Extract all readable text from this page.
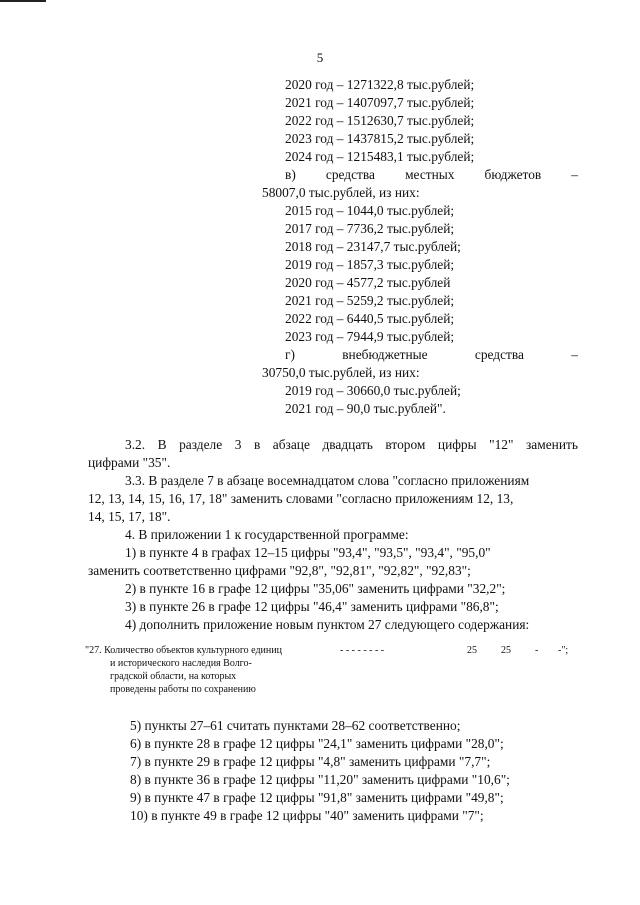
5
2020 год – 1271322,8 тыс.рублей;
2021 год – 1407097,7 тыс.рублей;
2022 год – 1512630,7 тыс.рублей;
2023 год – 1437815,2 тыс.рублей;
2024 год – 1215483,1 тыс.рублей;
в) средства местных бюджетов –
58007,0 тыс.рублей, из них:
2015 год – 1044,0 тыс.рублей;
2017 год – 7736,2 тыс.рублей;
2018 год – 23147,7 тыс.рублей;
2019 год – 1857,3 тыс.рублей;
2020 год – 4577,2 тыс.рублей
2021 год – 5259,2 тыс.рублей;
2022 год – 6440,5 тыс.рублей;
2023 год – 7944,9 тыс.рублей;
г)	внебюджетные	средства	–
30750,0 тыс.рублей, из них:
2019 год – 30660,0 тыс.рублей;
2021 год – 90,0 тыс.рублей".
3.2. В разделе 3 в абзаце двадцать втором цифры "12" заменить
цифрами "35".
3.3. В разделе 7 в абзаце восемнадцатом слова "согласно приложениям
12, 13, 14, 15, 16, 17, 18" заменить словами "согласно приложениям 12, 13,
14, 15, 17, 18".
4. В приложении 1 к государственной программе:
1) в пункте 4 в графах 12–15 цифры "93,4", "93,5", "93,4", "95,0"
заменить соответственно цифрами "92,8", "92,81", "92,82", "92,83";
2) в пункте 16 в графе 12 цифры "35,06" заменить цифрами "32,2";
3) в пункте 26 в графе 12 цифры "46,4" заменить цифрами "86,8";
4) дополнить приложение новым пунктом 27 следующего содержания:
"27. Количество объектов культурного единиц
и исторического наследия Волго-
градской области, на которых
проведены работы по сохранению
- - - - - - - -	25 25 - -";
5) пункты 27–61 считать пунктами 28–62 соответственно;
6) в пункте 28 в графе 12 цифры "24,1" заменить цифрами "28,0";
7) в пункте 29 в графе 12 цифры "4,8" заменить цифрами "7,7";
8) в пункте 36 в графе 12 цифры "11,20" заменить цифрами "10,6";
9) в пункте 47 в графе 12 цифры "91,8" заменить цифрами "49,8";
10) в пункте 49 в графе 12 цифры "40" заменить цифрами "7";
